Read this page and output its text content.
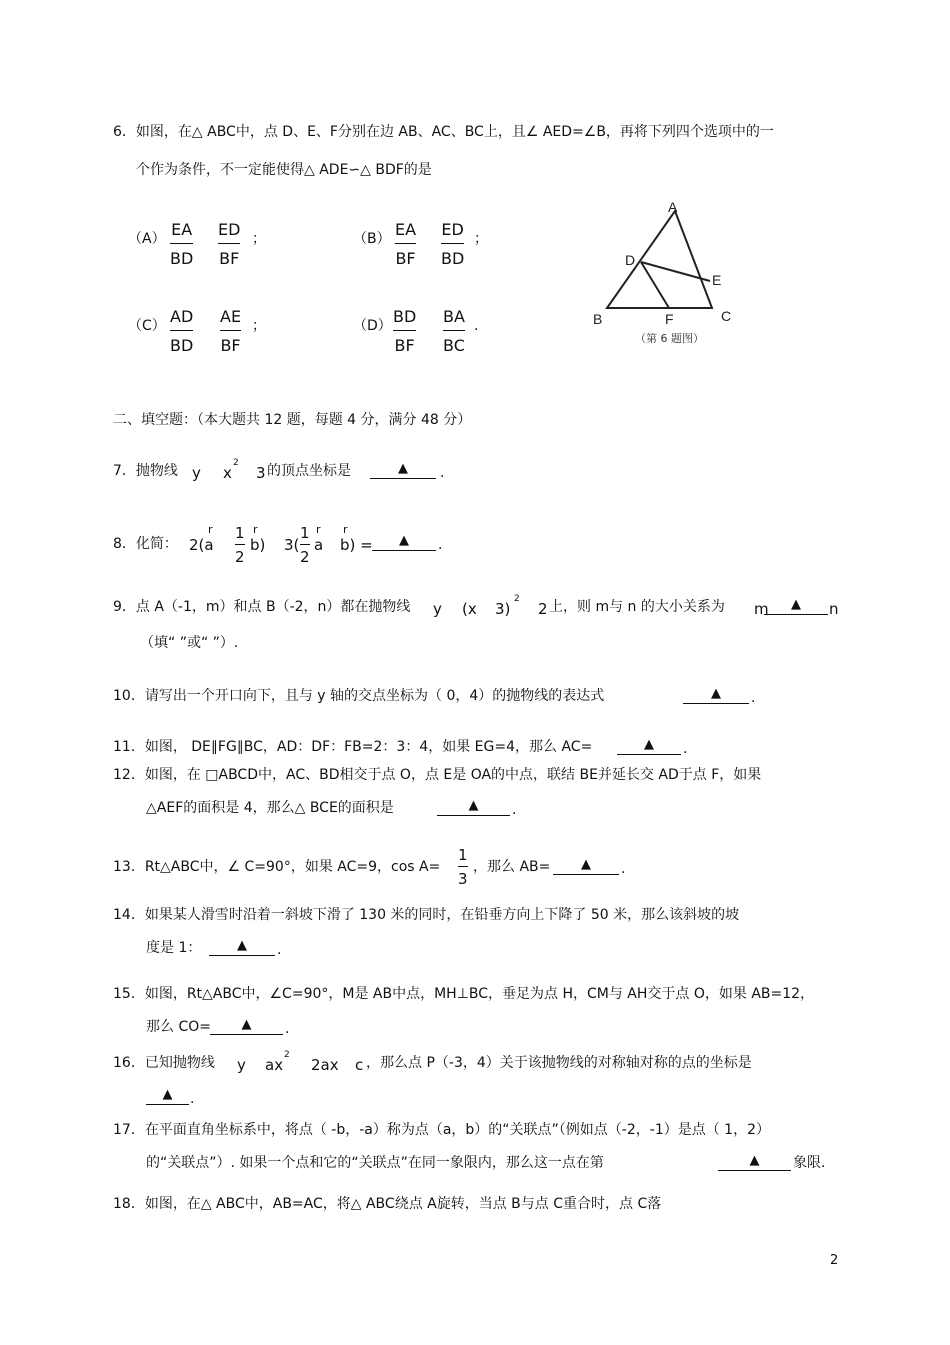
6．如图，在△ ABC中，点 D、E、F分别在边 AB、AC、BC上，且∠ AED=∠B，再将下列四个选项中的一
个作为条件，不一定能使得△ ADE∽△ BDF的是
$(A) \frac{EA}{BD} \frac{ED}{BF}$ ；	$(B) \frac{EA}{BF} \frac{ED}{BD}$ ；
$(C) \frac{AD}{BD} \frac{AE}{BF}$ ；	$(D) \frac{BD}{BF} \frac{BA}{BC}$ .
A
D
E
B	F	C
（第 6 题图）
二、填空题：（本大题共 12 题，每题 4 分，满分 48 分）
7．抛物线 y x
2
3 的顶点坐标是	▲	.
8．化简： 2(a
r $\frac{1}{2}$ r
b) $3( \frac{1}{2}$ r
a
r
b) =	▲	.
9．点 A（-1，m）和点 B（-2，n）都在抛物线 y (x 3)
2
2 上，则 m与 n 的大小关系为 m	▲	n
（填“ ”或“ ”）.
10．请写出一个开口向下，且与 y 轴的交点坐标为（ 0，4）的抛物线的表达式	▲	.
11．如图， DE∥FG∥BC，AD：DF：FB=2：3：4，如果 EG=4，那么 AC=	▲	.
12．如图，在 □ABCD中，AC、BD相交于点 O，点 E是 OA的中点，联结 BE并延长交 AD于点 F，如果
△AEF的面积是 4，那么△ BCE的面积是	▲	.
13．Rt△ABC中，∠ C=90°，如果 AC=9，$\cos A= \frac{1}{3}$ ，那么 AB=	▲	.
14．如果某人滑雪时沿着一斜坡下滑了 130 米的同时，在铅垂方向上下降了 50 米，那么该斜坡的坡
度是 1：	▲	.
15．如图，Rt△ABC中，∠C=90°，M是 AB中点，MH⊥BC，垂足为点 H，CM与 AH交于点 O，如果 AB=12，
那么 CO=	▲	.
16．已知抛物线 y ax
2
2ax c ，那么点 P（-3，4）关于该抛物线的对称轴对称的点的坐标是
▲	.
17．在平面直角坐标系中，将点（ -b，-a）称为点（a，b）的“关联点”（例如点（-2，-1）是点（ 1，2）
的“关联点”）. 如果一个点和它的“关联点”在同一象限内，那么这一点在第	▲	象限.
18．如图，在△ ABC中，AB=AC，将△ ABC绕点 A旋转，当点 B与点 C重合时，点 C落
2
